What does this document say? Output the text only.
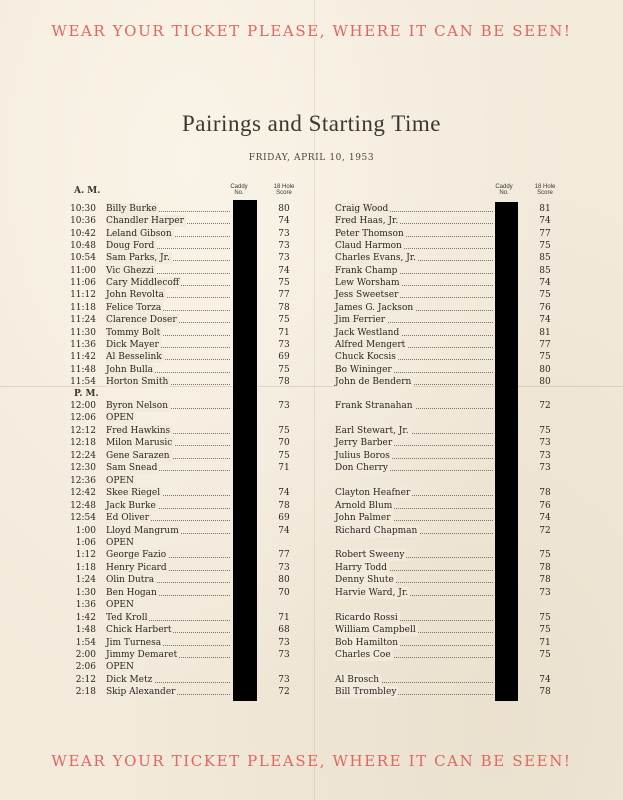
WEAR YOUR TICKET PLEASE, WHERE IT CAN BE SEEN!
Pairings and Starting Time
FRIDAY, APRIL 10, 1953
A. M.	Caddy No.
18 Hole Score
Caddy No.
18 Hole Score
10:30 Billy Burke	80	Craig Wood	81
10:36 Chandler Harper	74	Fred Haas, Jr.	74
10:42 Leland Gibson	73	Peter Thomson	77
10:48 Doug Ford	73	Claud Harmon	75
10:54 Sam Parks, Jr.	73	Charles Evans, Jr.	85
11:00 Vic Ghezzi	74	Frank Champ	85
11:06 Cary Middlecoff	75	Lew Worsham	74
11:12 John Revolta	77	Jess Sweetser	75
11:18 Felice Torza	78	James G. Jackson	76
11:24 Clarence Doser	75	Jim Ferrier	74
11:30 Tommy Bolt	71	Jack Westland	81
11:36 Dick Mayer	73	Alfred Mengert	77
11:42 Al Besselink	69	Chuck Kocsis	75
11:48 John Bulla	75	Bo Wininger	80
11:54 Horton Smith	78	John de Bendern	80
P. M.
12:00 Byron Nelson	73	Frank Stranahan	72
12:06 OPEN
12:12 Fred Hawkins	75	Earl Stewart, Jr.	75
12:18 Milon Marusic	70	Jerry Barber	73
12:24 Gene Sarazen	75	Julius Boros	73
12:30 Sam Snead	71	Don Cherry	73
12:36 OPEN
12:42 Skee Riegel	74	Clayton Heafner	78
12:48 Jack Burke	78	Arnold Blum	76
12:54 Ed Oliver	69	John Palmer	74
1:00 Lloyd Mangrum	74	Richard Chapman	72
1:06 OPEN
1:12 George Fazio	77	Robert Sweeny	75
1:18 Henry Picard	73	Harry Todd	78
1:24 Olin Dutra	80	Denny Shute	78
1:30 Ben Hogan	70	Harvie Ward, Jr.	73
1:36 OPEN
1:42 Ted Kroll	71	Ricardo Rossi	75
1:48 Chick Harbert	68	William Campbell	75
1:54 Jim Turnesa	73	Bob Hamilton	71
2:00 Jimmy Demaret	73	Charles Coe	75
2:06 OPEN
2:12 Dick Metz	73	Al Brosch	74
2:18 Skip Alexander	72	Bill Trombley	78
WEAR YOUR TICKET PLEASE, WHERE IT CAN BE SEEN!
